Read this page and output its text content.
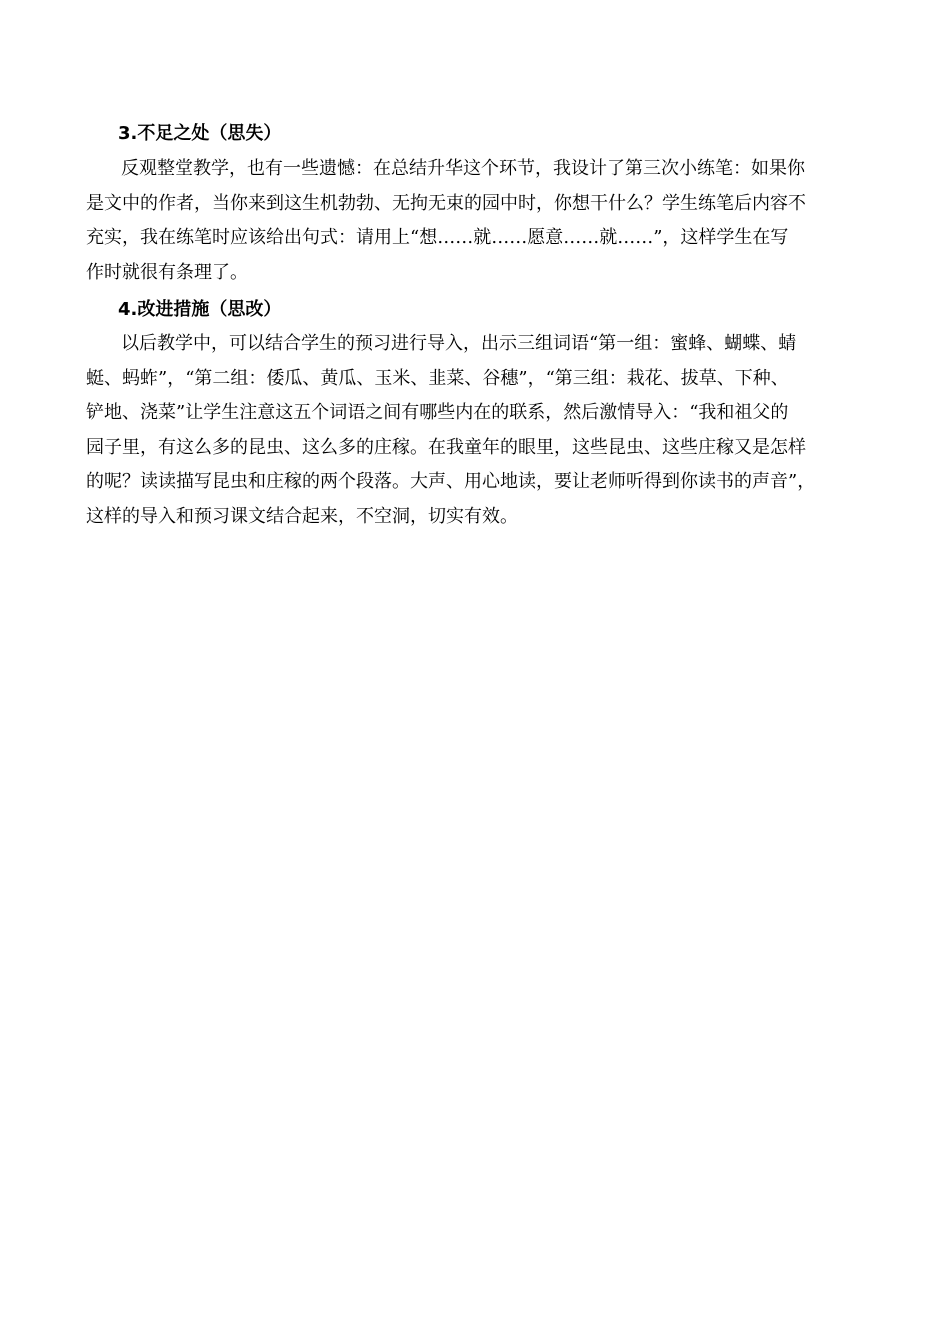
3.不足之处（思失）
反观整堂教学，也有一些遗憾：在总结升华这个环节，我设计了第三次小练笔：如果你
是文中的作者，当你来到这生机勃勃、无拘无束的园中时，你想干什么？学生练笔后内容不
充实，我在练笔时应该给出句式：请用上“想……就……愿意……就……”，这样学生在写
作时就很有条理了。
4.改进措施（思改）
以后教学中，可以结合学生的预习进行导入，出示三组词语“第一组：蜜蜂、蝴蝶、蜻
蜓、蚂蚱”，“第二组：倭瓜、黄瓜、玉米、韭菜、谷穗”，“第三组：栽花、拔草、下种、
铲地、浇菜”让学生注意这五个词语之间有哪些内在的联系，然后激情导入：“我和祖父的
园子里，有这么多的昆虫、这么多的庄稼。在我童年的眼里，这些昆虫、这些庄稼又是怎样
的呢？读读描写昆虫和庄稼的两个段落。大声、用心地读，要让老师听得到你读书的声音”，
这样的导入和预习课文结合起来，不空洞，切实有效。
